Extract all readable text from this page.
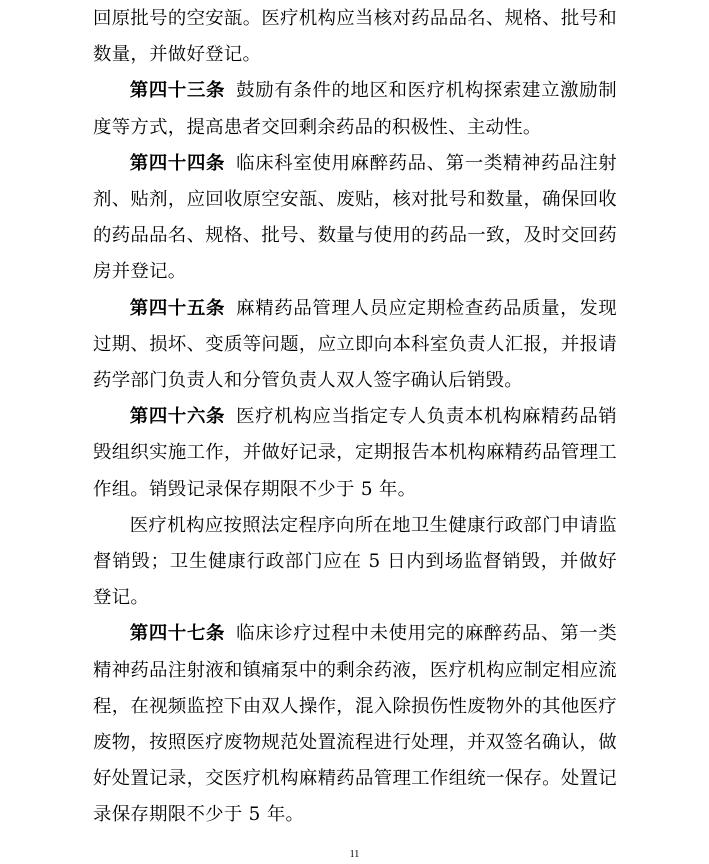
回原批号的空安瓿。医疗机构应当核对药品品名、规格、批号和数量，并做好登记。

第四十三条 鼓励有条件的地区和医疗机构探索建立激励制度等方式，提高患者交回剩余药品的积极性、主动性。

第四十四条 临床科室使用麻醉药品、第一类精神药品注射剂、贴剂，应回收原空安瓿、废贴，核对批号和数量，确保回收的药品品名、规格、批号、数量与使用的药品一致，及时交回药房并登记。

第四十五条 麻精药品管理人员应定期检查药品质量，发现过期、损坏、变质等问题，应立即向本科室负责人汇报，并报请药学部门负责人和分管负责人双人签字确认后销毁。

第四十六条 医疗机构应当指定专人负责本机构麻精药品销毁组织实施工作，并做好记录，定期报告本机构麻精药品管理工作组。销毁记录保存期限不少于 5 年。

医疗机构应按照法定程序向所在地卫生健康行政部门申请监督销毁；卫生健康行政部门应在 5 日内到场监督销毁，并做好登记。

第四十七条 临床诊疗过程中未使用完的麻醉药品、第一类精神药品注射液和镇痛泵中的剩余药液，医疗机构应制定相应流程，在视频监控下由双人操作，混入除损伤性废物外的其他医疗废物，按照医疗废物规范处置流程进行处理，并双签名确认，做好处置记录，交医疗机构麻精药品管理工作组统一保存。处置记录保存期限不少于 5 年。

11
